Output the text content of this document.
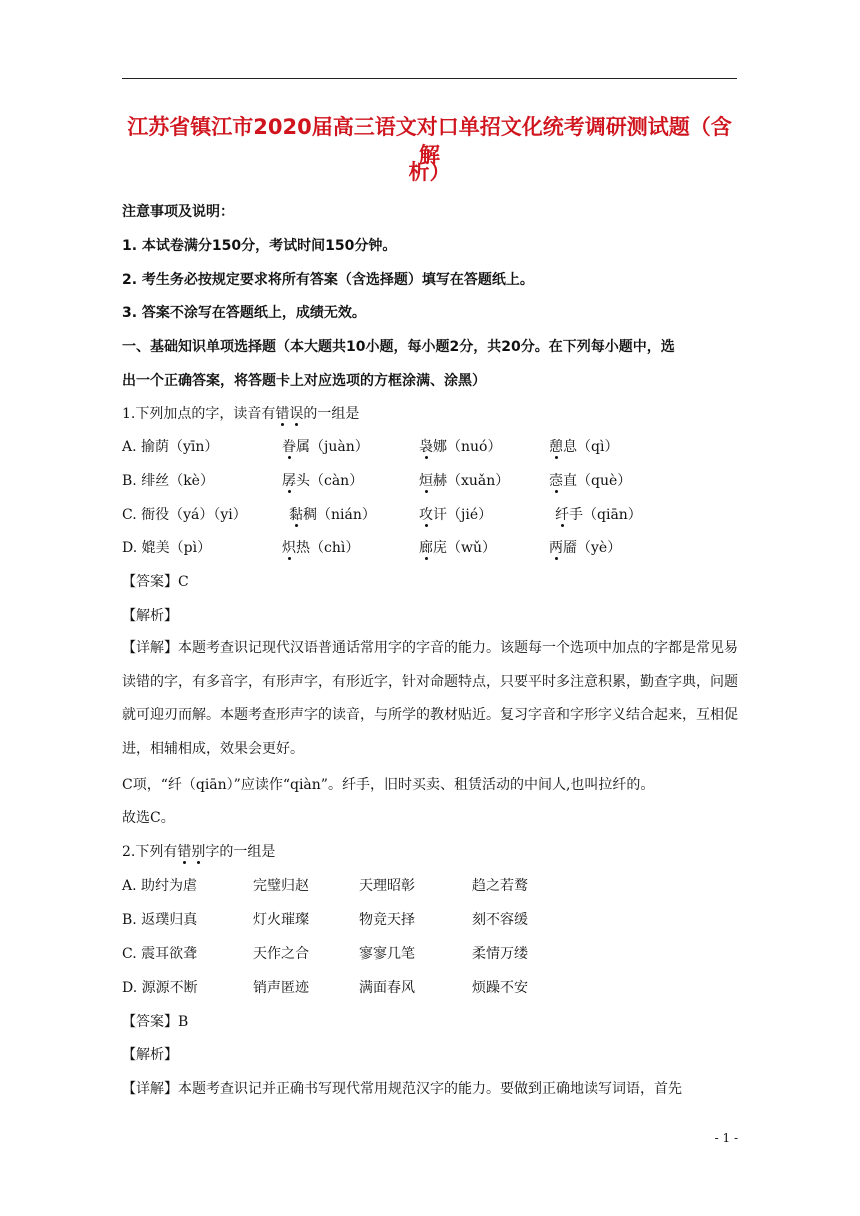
江苏省镇江市2020届高三语文对口单招文化统考调研测试题（含解
析）
注意事项及说明：
1. 本试卷满分150分，考试时间150分钟。
2. 考生务必按规定要求将所有答案（含选择题）填写在答题纸上。
3. 答案不涂写在答题纸上，成绩无效。
一、基础知识单项选择题（本大题共10小题，每小题2分，共20分。在下列每小题中，选
出一个正确答案，将答题卡上对应选项的方框涂满、涂黑）
1.下列加点的字，读音有错误的一组是
A. 揄荫（yīn）	眷属（juàn）	袅娜（nuó）	憩息（qì）
B. 绯丝（kè）	孱头（càn）	烜赫（xuǎn）	悫直（què）
C. 衙役（yá）（yi）	黏稠（nián）	攻讦（jié）	纤手（qiān）
D. 媲美（pì）	炽热（chì）	廊庑（wǔ）	两靥（yè）
【答案】C
【解析】
【详解】本题考查识记现代汉语普通话常用字的字音的能力。该题每一个选项中加点的字都是常见易读错的字，有多音字，有形声字，有形近字，针对命题特点，只要平时多注意积累，勤查字典，问题就可迎刃而解。本题考查形声字的读音，与所学的教材贴近。复习字音和字形字义结合起来，互相促进，相辅相成，效果会更好。
C项，“纤（qiān）”应读作“qiàn”。纤手，旧时买卖、租赁活动的中间人,也叫拉纤的。
故选C。
2.下列有错别字的一组是
A. 助纣为虐	完璧归赵	天理昭彰	趋之若鹜
B. 返璞归真	灯火璀璨	物竞天择	刻不容缓
C. 震耳欲聋	天作之合	寥寥几笔	柔情万缕
D. 源源不断	销声匿迹	满面春风	烦躁不安
【答案】B
【解析】
【详解】本题考查识记并正确书写现代常用规范汉字的能力。要做到正确地读写词语，首先
- 1 -
